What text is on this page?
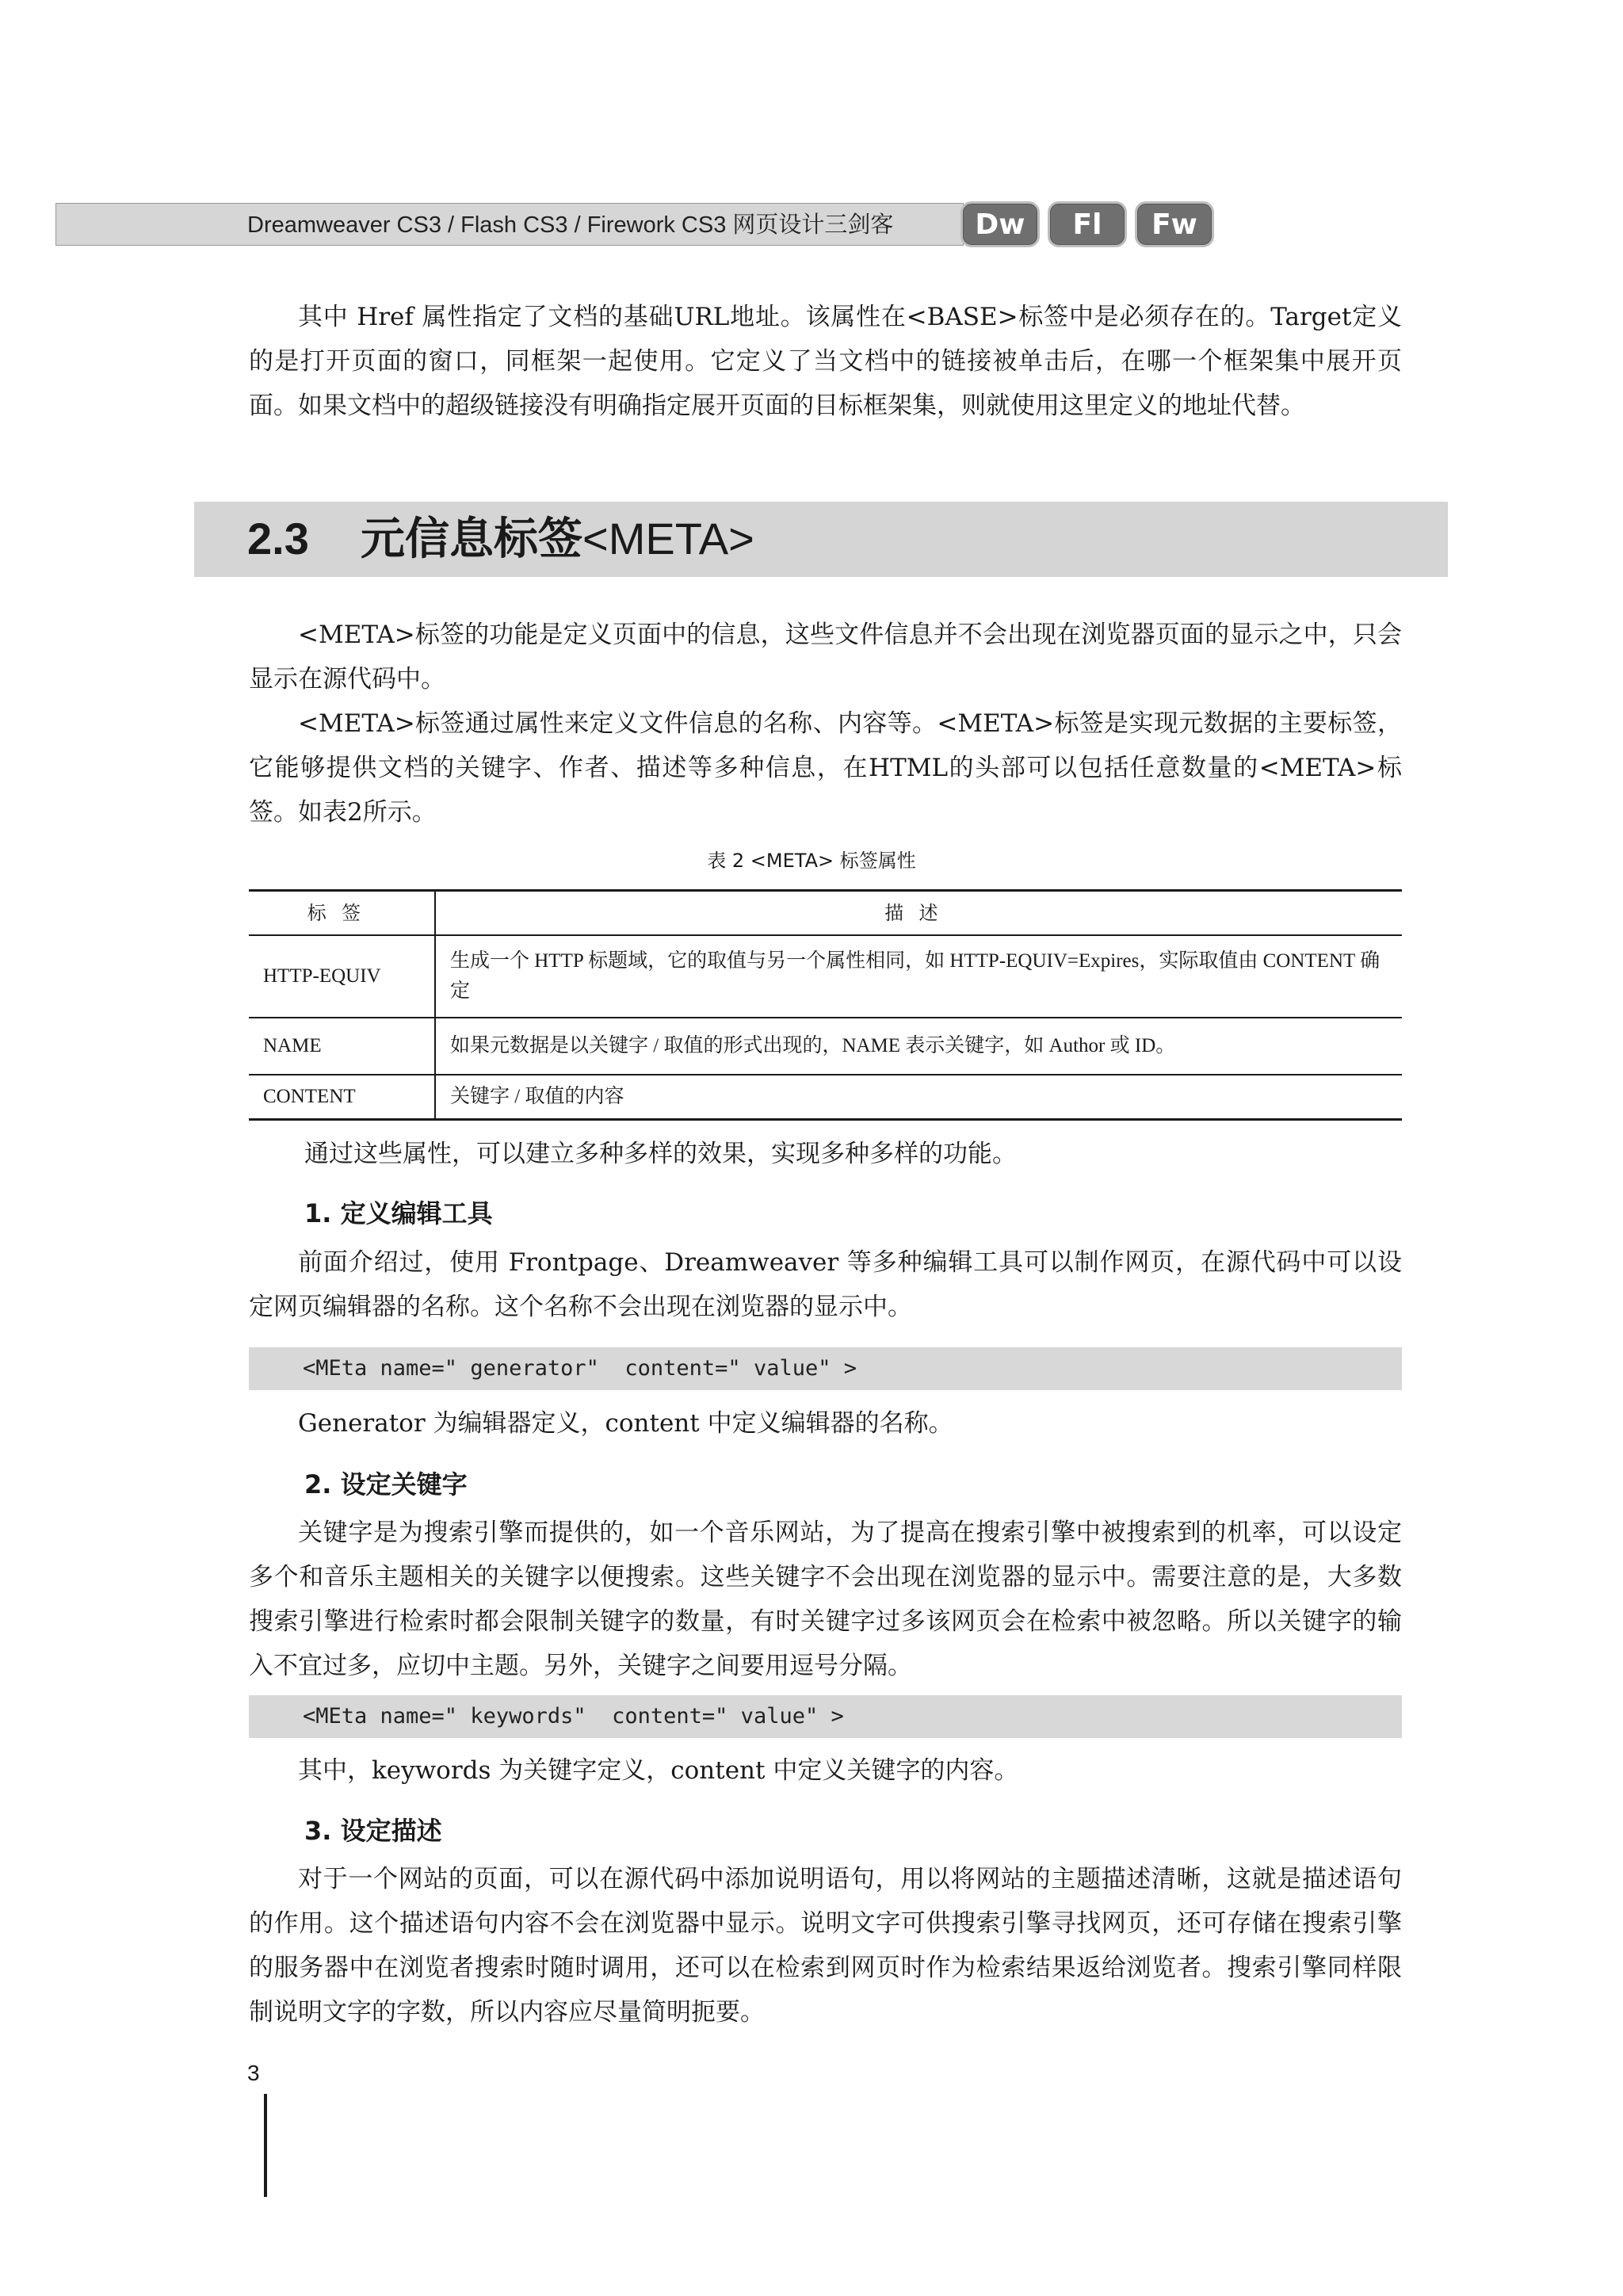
Dreamweaver CS3 / Flash CS3 / Firework CS3 网页设计三剑客	Dw	Fl	Fw

其中 Href 属性指定了文档的基础URL地址。该属性在<BASE>标签中是必须存在的。Target定义的是打开页面的窗口，同框架一起使用。它定义了当文档中的链接被单击后，在哪一个框架集中展开页面。如果文档中的超级链接没有明确指定展开页面的目标框架集，则就使用这里定义的地址代替。

2.3 元信息标签<META>

<META>标签的功能是定义页面中的信息，这些文件信息并不会出现在浏览器页面的显示之中，只会显示在源代码中。

<META>标签通过属性来定义文件信息的名称、内容等。<META>标签是实现元数据的主要标签，它能够提供文档的关键字、作者、描述等多种信息，在HTML的头部可以包括任意数量的<META>标签。如表2所示。

表 2 <META> 标签属性
标签	描述
HTTP-EQUIV	生成一个 HTTP 标题域，它的取值与另一个属性相同，如 HTTP-EQUIV=Expires，实际取值由 CONTENT 确定
NAME	如果元数据是以关键字 / 取值的形式出现的，NAME 表示关键字，如 Author 或 ID。
CONTENT	关键字 / 取值的内容

通过这些属性，可以建立多种多样的效果，实现多种多样的功能。

1. 定义编辑工具

前面介绍过，使用 Frontpage、Dreamweaver 等多种编辑工具可以制作网页，在源代码中可以设定网页编辑器的名称。这个名称不会出现在浏览器的显示中。

<MEta name=" generator"  content=" value" >

Generator 为编辑器定义，content 中定义编辑器的名称。

2. 设定关键字

关键字是为搜索引擎而提供的，如一个音乐网站，为了提高在搜索引擎中被搜索到的机率，可以设定多个和音乐主题相关的关键字以便搜索。这些关键字不会出现在浏览器的显示中。需要注意的是，大多数搜索引擎进行检索时都会限制关键字的数量，有时关键字过多该网页会在检索中被忽略。所以关键字的输入不宜过多，应切中主题。另外，关键字之间要用逗号分隔。

<MEta name=" keywords"  content=" value" >

其中，keywords 为关键字定义，content 中定义关键字的内容。

3. 设定描述

对于一个网站的页面，可以在源代码中添加说明语句，用以将网站的主题描述清晰，这就是描述语句的作用。这个描述语句内容不会在浏览器中显示。说明文字可供搜索引擎寻找网页，还可存储在搜索引擎的服务器中在浏览者搜索时随时调用，还可以在检索到网页时作为检索结果返给浏览者。搜索引擎同样限制说明文字的字数，所以内容应尽量简明扼要。

3
